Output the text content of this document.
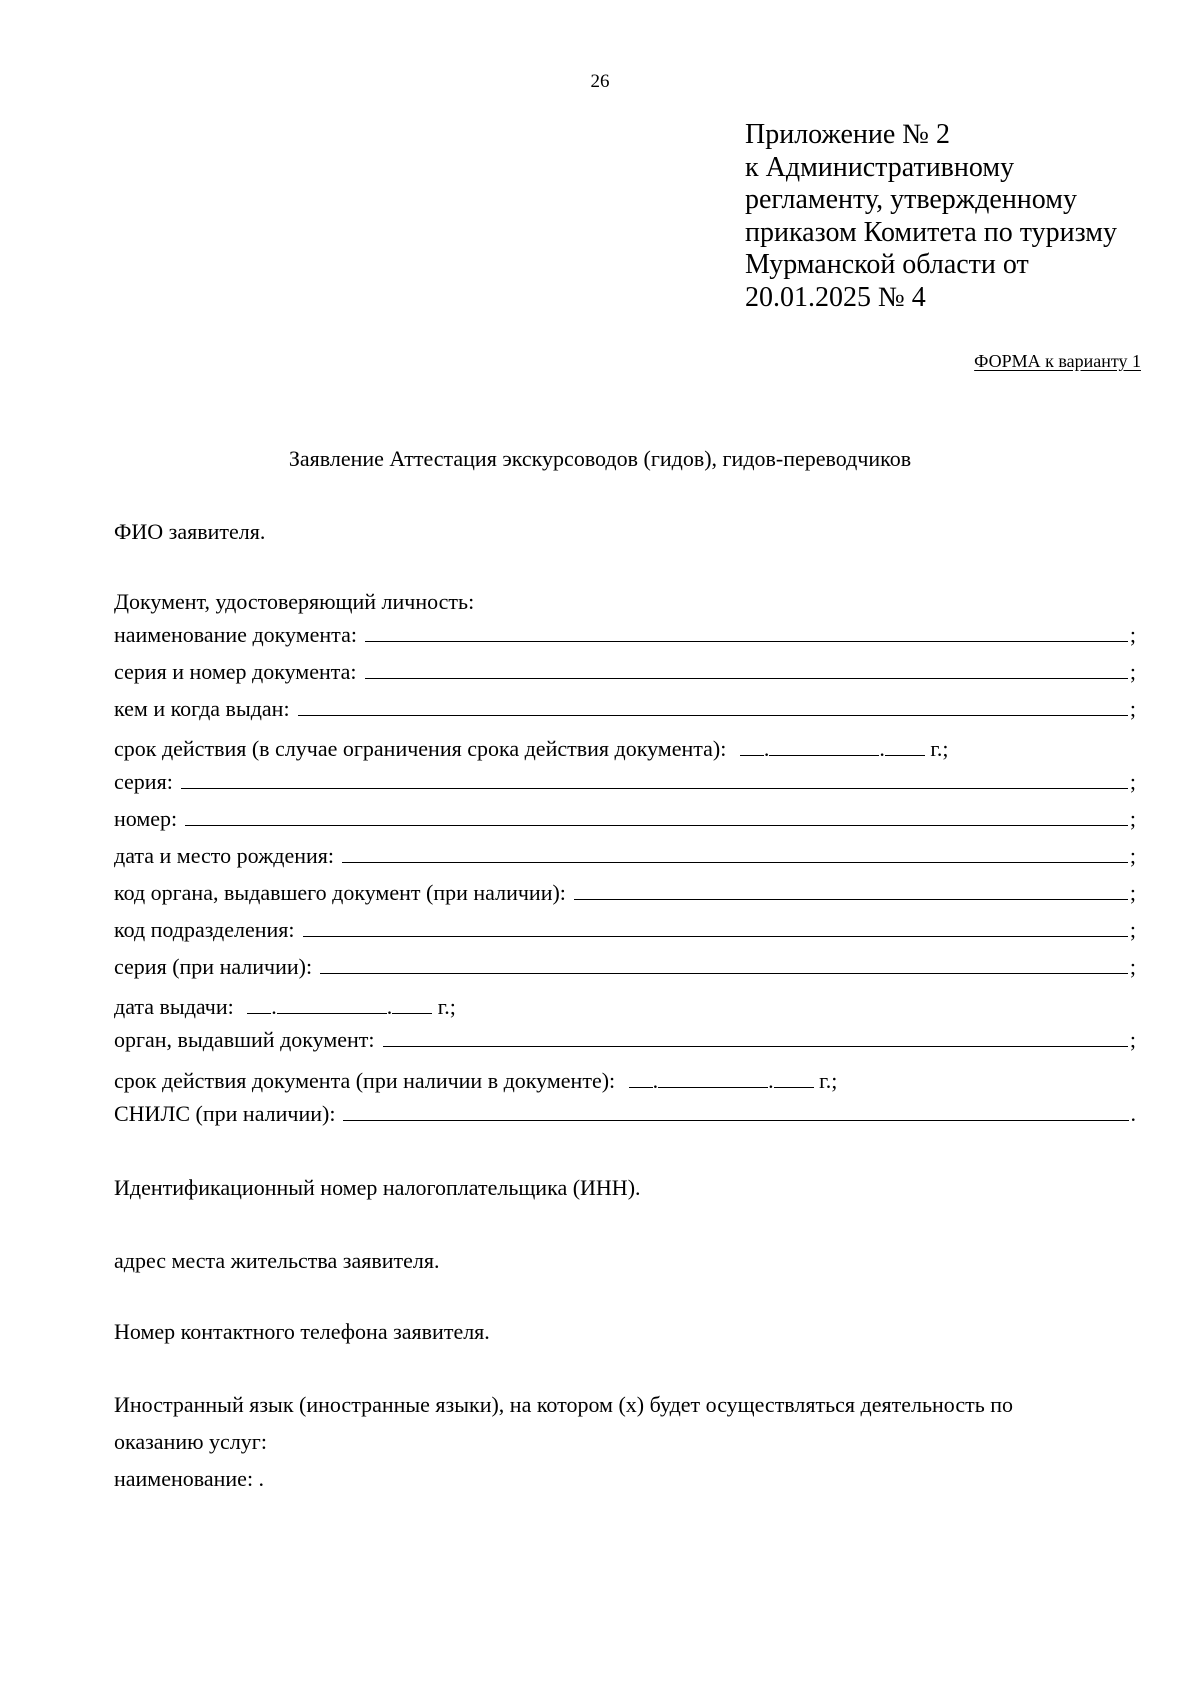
26
Приложение № 2
к Административному
регламенту, утвержденному
приказом Комитета по туризму
Мурманской области от
20.01.2025 № 4
ФОРМА к варианту 1
Заявление Аттестация экскурсоводов (гидов), гидов-переводчиков
ФИО заявителя.
Документ, удостоверяющий личность:
наименование документа:	;
серия и номер документа:	;
кем и когда выдан:	;
срок действия (в случае ограничения срока действия документа): .	. г.;
серия:	;
номер:	;
дата и место рождения:	;
код органа, выдавшего документ (при наличии):	;
код подразделения:	;
серия (при наличии):	;
дата выдачи: .	. г.;
орган, выдавший документ:	;
срок действия документа (при наличии в документе): .	. г.;
СНИЛС (при наличии):	.
Идентификационный номер налогоплательщика (ИНН).
адрес места жительства заявителя.
Номер контактного телефона заявителя.
Иностранный язык (иностранные языки), на котором (х) будет осуществляться деятельность по
оказанию услуг:
наименование: .
